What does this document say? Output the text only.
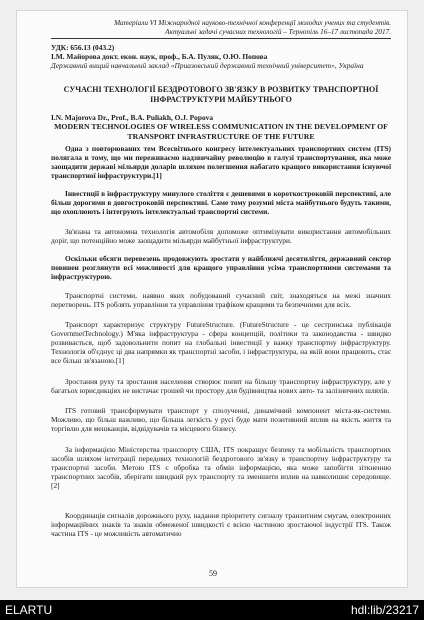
Матеріали VI Міжнародної науково-технічної конференції молодих учених та студентів.
Актуальні задачі сучасних технологій – Тернопіль 16–17 листопада 2017.
УДК: 656.13 (043.2)
І.М. Майорова докт. екон. наук, проф., Б.А. Пуляк, О.Ю. Попова
Державний вищий навчальний заклад «Приазовський державний технічний університет», Україна
СУЧАСНІ ТЕХНОЛОГІЇ БЕЗДРОТОВОГО ЗВ'ЯЗКУ В РОЗВИТКУ ТРАНСПОРТНОЇ ІНФРАСТРУКТУРИ МАЙБУТНЬОГО
I.N. Majorova Dr., Prof., B.A. Puliakh, O.J. Popova
MODERN TECHNOLOGIES OF WIRELESS COMMUNICATION IN THE DEVELOPMENT OF TRANSPORT INFRASTRUCTURE OF THE FUTURE
Одна з повторюваних тем Всесвітнього конгресу інтелектуальних транспортних систем (ITS) полягала в тому, що ми переживаємо надзвичайну революцію в галузі транспортування, яка може заощадити державі мільярди доларів шляхом полегшення набагато кращого використання існуючої транспортної інфраструктури.[1]
Інвестиції в інфраструктуру минулого століття є дешевими в короткостроковій перспективі, але більш дорогими в довгостроковій перспективі. Саме тому розумні міста майбутнього будуть такими, що охоплюють і інтегрують інтелектуальні транспортні системи.
Зв'язана та автономна технологія автомобіля допоможе оптимізувати використання автомобільних доріг, що потенційно може заощадити мільярди майбутньої інфраструктури.
Оскільки обсяги перевезень продовжують зростати у найближчі десятиліття, державний сектор повинен розглянути всі можливості для кращого управління усіма транспортними системами та інфраструктурою.
Транспортні системи, наявно яких побудований сучасний світ, знаходяться на межі значних перетворень. ITS роблять управління та управління трафіком кращими та безпечними для всіх.
Транспорт характеризує структуру FutureStructure. (FutureStructure - це сестринська публікація GovernmetTechnology.) М'яка інфраструктура - сфера концепцій, політики та законодавства - швидко розвивається, щоб задовольнити попит на глобальні інвестиції у важку транспортну інфраструктуру. Технологія об'єднує ці два напрямки як транспортні засоби, і інфраструктура, на якій вони працюють, стає все більш зв'язаною.[1]
Зростання руху та зростання населення створює попит на більшу транспортну інфраструктуру, але у багатьох юрисдикціях не вистачає грошей чи простору для будівництва нових авто- та залізничних шляхів.
ITS готовий трансформувати транспорт у сполученні, динамічний компонент міста-як-системи. Можливо, що більш важливо, що більша легкість у русі буде мати позитивний вплив на якість життя та торгівлю для мешканців, відвідувачів та місцевого бізнесу.
За інформацією Міністерства транспорту США, ITS покращує безпеку та мобільність транспортних засобів шляхом інтеграції передових технологій бездротового зв'язку в транспортну інфраструктуру та транспортні засоби. Метою ITS є обробка та обмін інформацією, яка може запобігти зіткненню транспортних засобів, зберігати швидкий рух транспорту та зменшити вплив на навколишнє середовище.[2]
Координація сигналів дорожнього руху, надання пріоритету сигналу транзитним смугам, електронних інформаційних знаків та знаків обмеженої швидкості є всією частиною зростаючої індустрії ITS. Також частина ITS - це можливість автоматично
59
ELARTU	hdl:lib/23217
